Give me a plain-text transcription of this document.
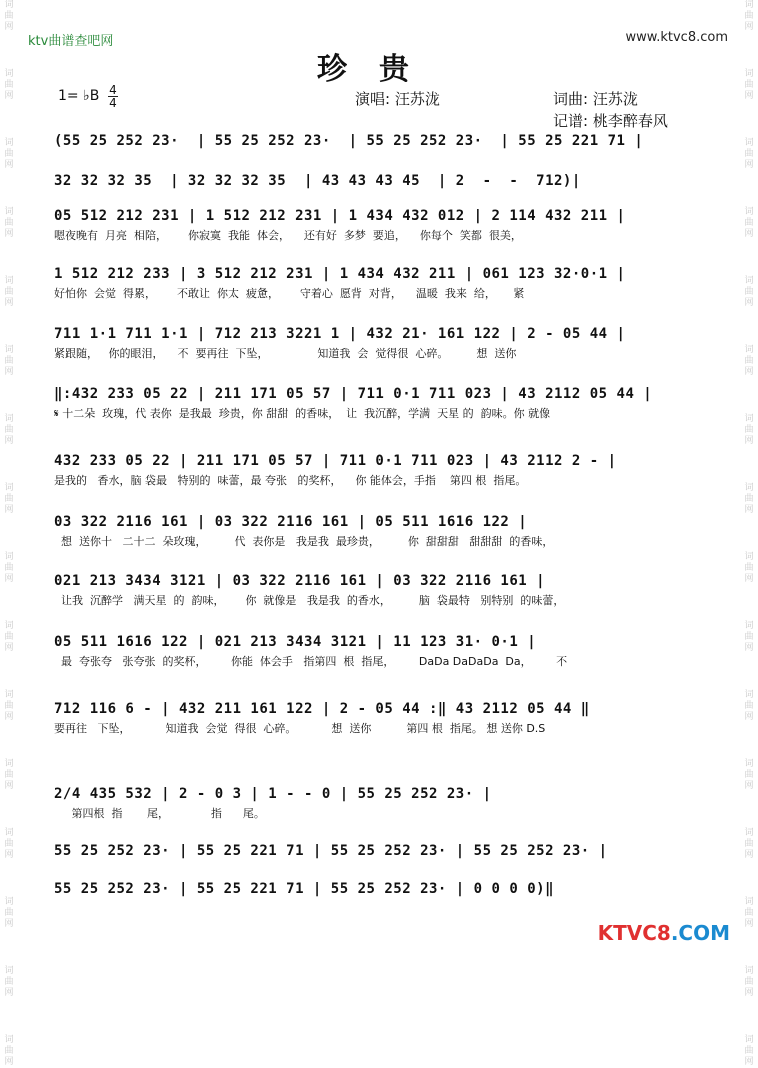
词曲网
词曲网
词曲网
词曲网
词曲网
词曲网
词曲网
词曲网
词曲网
词曲网
词曲网
词曲网
词曲网
词曲网
词曲网
词曲网
词曲网
词曲网
词曲网
词曲网
词曲网
词曲网
词曲网
词曲网
词曲网
词曲网
词曲网
词曲网
词曲网
词曲网
词曲网
词曲网
ktv曲谱查吧网	www.ktvc8.com
珍贵
1= ♭B 4
4	演唱: 汪苏泷	词曲: 汪苏泷
记谱: 桃李醉春风
(55 25 252 23·  | 55 25 252 23·  | 55 25 252 23·  | 55 25 221 71 |
32 32 32 35  | 32 32 32 35  | 43 43 43 45  | 2  -  -  712)|
05 512 212 231 | 1 512 212 231 | 1 434 432 012 | 2 114 432 211 |
嗯夜晚有  月亮  相陪，      你寂寞  我能  体会，    还有好  多梦  要追，    你每个  笑都  很美，
1 512 212 233 | 3 512 212 231 | 1 434 432 211 | 061 123 32·0·1 |
好怕你  会觉  得累，      不敢让  你太  疲惫，      守着心  愿背  对背，    温暖  我来  给，     紧
711 1·1 711 1·1 | 712 213 3221 1 | 432 21· 161 122 | 2 - 05 44 |
紧跟随，   你的眼泪，    不  要再往  下坠，              知道我  会  觉得很  心碎。        想  送你
‖:432 233 05 22 | 211 171 05 57 | 711 0·1 711 023 | 43 2112 05 44 |
𝄋 十二朵  玫瑰，代 表你  是我最  珍贵，你 甜甜  的香味，  让  我沉醉，学满  天星 的  韵味。你 就像
432 233 05 22 | 211 171 05 57 | 711 0·1 711 023 | 43 2112 2 - |
是我的   香水，脑 袋最   特别的  味蕾，最 夸张   的奖杯，    你 能体会，手指    第四 根  指尾。
03 322 2116 161 | 03 322 2116 161 | 05 511 1616 122 |
想  送你十   二十二  朵玫瑰，        代  表你是   我是我  最珍贵，        你  甜甜甜   甜甜甜  的香味，
021 213 3434 3121 | 03 322 2116 161 | 03 322 2116 161 |
让我  沉醉学   满天星  的  韵味，      你  就像是   我是我  的香水，        脑  袋最特   别特别  的味蕾，
05 511 1616 122 | 021 213 3434 3121 | 11 123 31· 0·1 |
最  夸张夸   张夸张  的奖杯，       你能  体会手   指第四  根  指尾，       DaDa DaDaDa  Da，       不
712 116 6 - | 432 211 161 122 | 2 - 05 44 :‖ 43 2112 05 44 ‖
要再往   下坠，          知道我  会觉  得很  心碎。          想  送你          第四 根  指尾。 想 送你 D.S
2/4 435 532 | 2 - 0 3 | 1 - - 0 | 55 25 252 23· |
第四根  指       尾，            指      尾。
55 25 252 23· | 55 25 221 71 | 55 25 252 23· | 55 25 252 23· |
55 25 252 23· | 55 25 221 71 | 55 25 252 23· | 0 0 0 0)‖
KTVC8.COM
